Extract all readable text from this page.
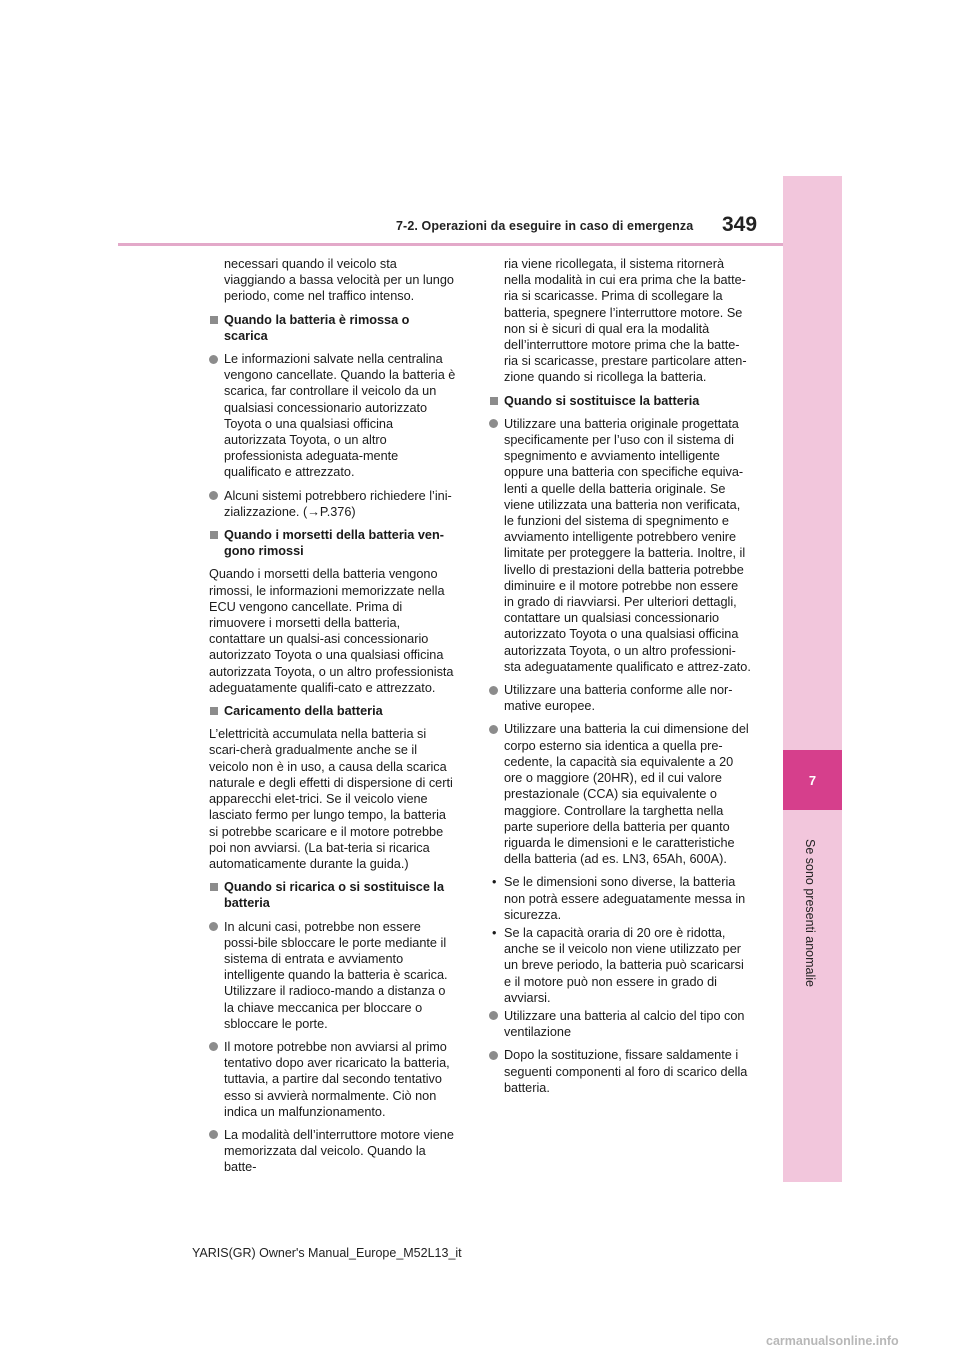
7
Se sono presenti anomalie
7-2. Operazioni da eseguire in caso di emergenza 349
necessari quando il veicolo sta viaggiando a bassa velocità per un lungo periodo, come nel traffico intenso.
Quando la batteria è rimossa o scarica
Le informazioni salvate nella centralina vengono cancellate. Quando la batteria è scarica, far controllare il veicolo da un qualsiasi concessionario autorizzato Toyota o una qualsiasi officina autorizzata Toyota, o un altro professionista adeguata-mente qualificato e attrezzato.
Alcuni sistemi potrebbero richiedere l’ini-zializzazione. (→P.376)
Quando i morsetti della batteria ven-gono rimossi
Quando i morsetti della batteria vengono rimossi, le informazioni memorizzate nella ECU vengono cancellate. Prima di rimuovere i morsetti della batteria, contattare un qualsi-asi concessionario autorizzato Toyota o una qualsiasi officina autorizzata Toyota, o un altro professionista adeguatamente qualifi-cato e attrezzato.
Caricamento della batteria
L’elettricità accumulata nella batteria si scari-cherà gradualmente anche se il veicolo non è in uso, a causa della scarica naturale e degli effetti di dispersione di certi apparecchi elet-trici. Se il veicolo viene lasciato fermo per lungo tempo, la batteria si potrebbe scaricare e il motore potrebbe poi non avviarsi. (La bat-teria si ricarica automaticamente durante la guida.)
Quando si ricarica o si sostituisce la batteria
In alcuni casi, potrebbe non essere possi-bile sbloccare le porte mediante il sistema di entrata e avviamento intelligente quando la batteria è scarica. Utilizzare il radioco-mando a distanza o la chiave meccanica per bloccare o sbloccare le porte.
Il motore potrebbe non avviarsi al primo tentativo dopo aver ricaricato la batteria, tuttavia, a partire dal secondo tentativo esso si avvierà normalmente. Ciò non indica un malfunzionamento.
La modalità dell’interruttore motore viene memorizzata dal veicolo. Quando la batte-
ria viene ricollegata, il sistema ritornerà nella modalità in cui era prima che la batte-ria si scaricasse. Prima di scollegare la batteria, spegnere l’interruttore motore. Se non si è sicuri di qual era la modalità dell’interruttore motore prima che la batte-ria si scaricasse, prestare particolare atten-zione quando si ricollega la batteria.
Quando si sostituisce la batteria
Utilizzare una batteria originale progettata specificamente per l’uso con il sistema di spegnimento e avviamento intelligente oppure una batteria con specifiche equiva-lenti a quelle della batteria originale. Se viene utilizzata una batteria non verificata, le funzioni del sistema di spegnimento e avviamento intelligente potrebbero venire limitate per proteggere la batteria. Inoltre, il livello di prestazioni della batteria potrebbe diminuire e il motore potrebbe non essere in grado di riavviarsi. Per ulteriori dettagli, contattare un qualsiasi concessionario autorizzato Toyota o una qualsiasi officina autorizzata Toyota, o un altro professioni-sta adeguatamente qualificato e attrez-zato.
Utilizzare una batteria conforme alle nor-mative europee.
Utilizzare una batteria la cui dimensione del corpo esterno sia identica a quella pre-cedente, la capacità sia equivalente a 20 ore o maggiore (20HR), ed il cui valore prestazionale (CCA) sia equivalente o maggiore. Controllare la targhetta nella parte superiore della batteria per quanto riguarda le dimensioni e le caratteristiche della batteria (ad es. LN3, 65Ah, 600A).
• Se le dimensioni sono diverse, la batteria non potrà essere adeguatamente messa in sicurezza.
• Se la capacità oraria di 20 ore è ridotta, anche se il veicolo non viene utilizzato per un breve periodo, la batteria può scaricarsi e il motore può non essere in grado di avviarsi.
Utilizzare una batteria al calcio del tipo con ventilazione
Dopo la sostituzione, fissare saldamente i seguenti componenti al foro di scarico della batteria.
YARIS(GR) Owner's Manual_Europe_M52L13_it
carmanualsonline.info
